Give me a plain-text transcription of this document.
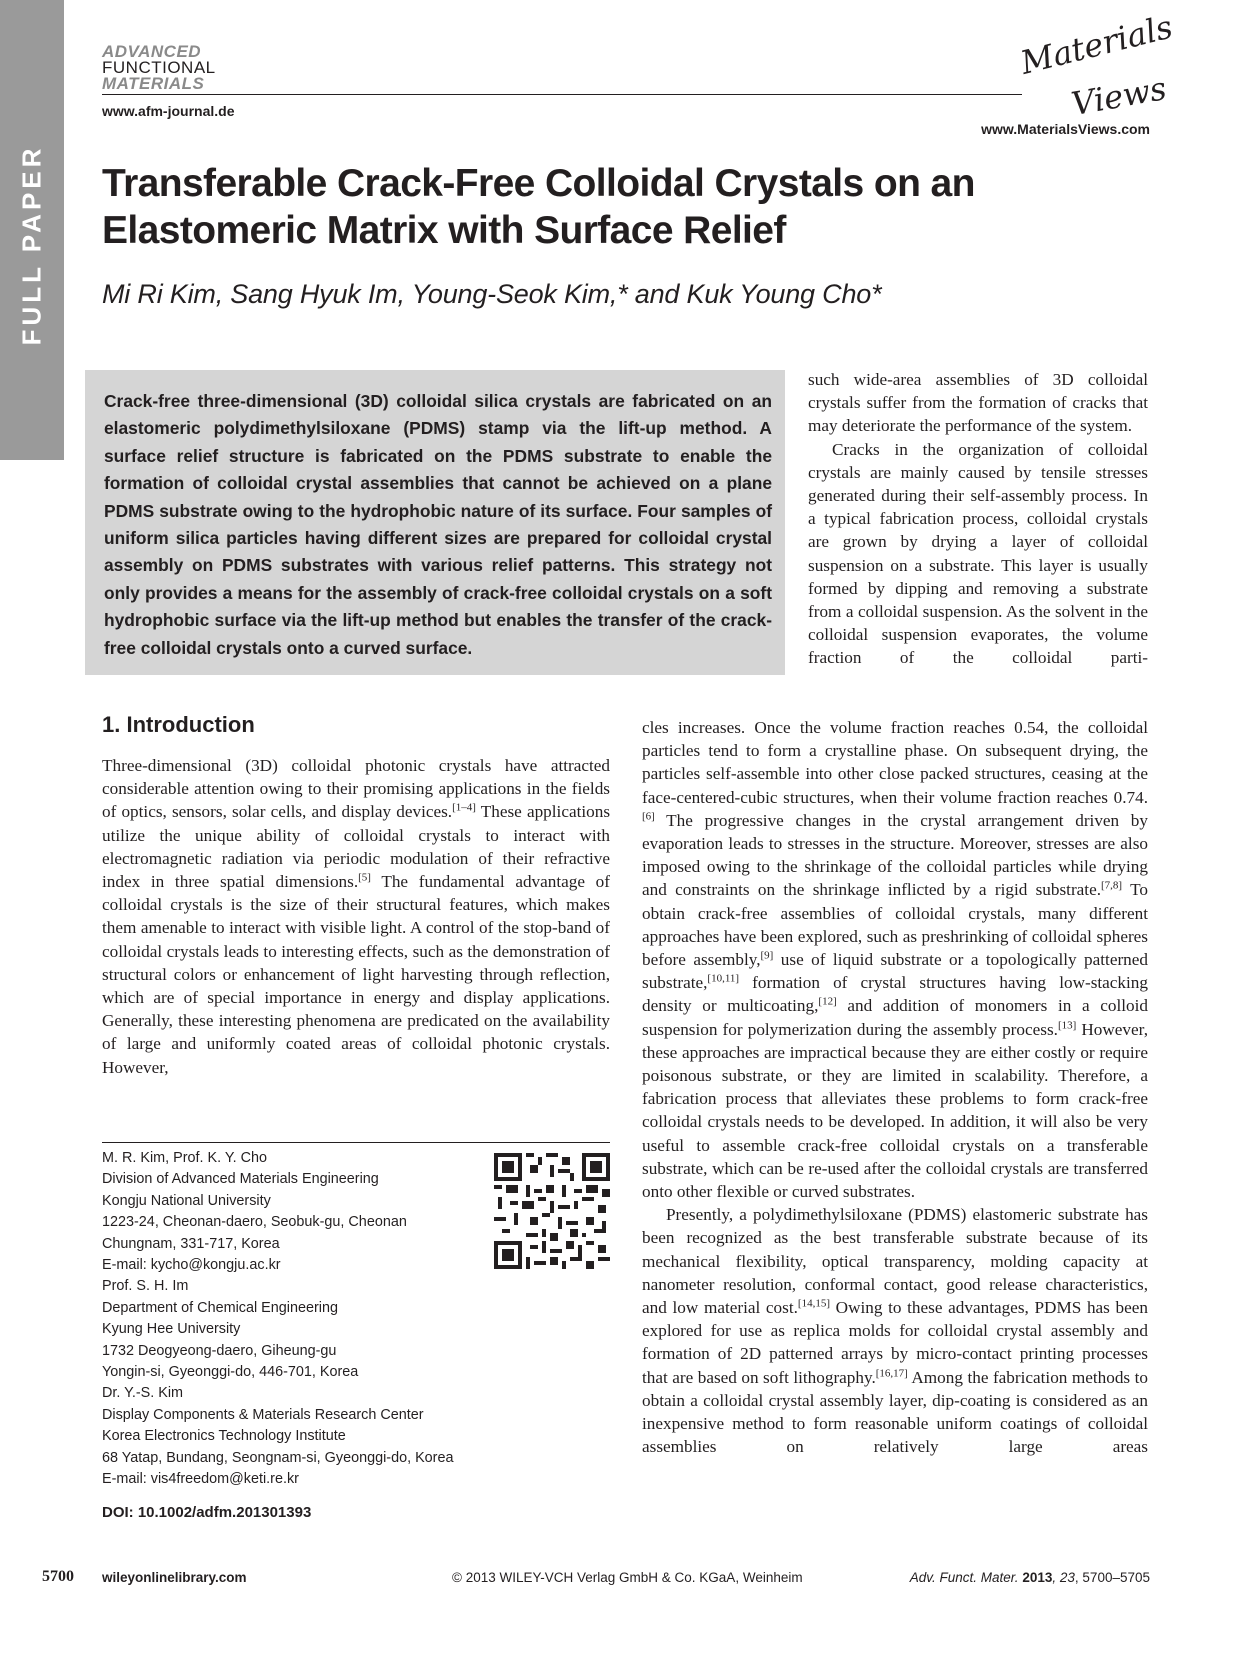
FULL PAPER
ADVANCED
FUNCTIONAL
MATERIALS
www.afm-journal.de
Materials
Views
www.MaterialsViews.com
Transferable Crack-Free Colloidal Crystals on an Elastomeric Matrix with Surface Relief
Mi Ri Kim, Sang Hyuk Im, Young-Seok Kim,* and Kuk Young Cho*
Crack-free three-dimensional (3D) colloidal silica crystals are fabricated on an elastomeric polydimethylsiloxane (PDMS) stamp via the lift-up method. A surface relief structure is fabricated on the PDMS substrate to enable the formation of colloidal crystal assemblies that cannot be achieved on a plane PDMS substrate owing to the hydrophobic nature of its surface. Four samples of uniform silica particles having different sizes are prepared for colloidal crystal assembly on PDMS substrates with various relief patterns. This strategy not only provides a means for the assembly of crack-free colloidal crystals on a soft hydrophobic surface via the lift-up method but enables the transfer of the crack-free colloidal crystals onto a curved surface.
such wide-area assemblies of 3D colloidal crystals suffer from the formation of cracks that may deteriorate the performance of the system.
Cracks in the organization of colloidal crystals are mainly caused by tensile stresses generated during their self-assembly process. In a typical fabrication process, colloidal crystals are grown by drying a layer of colloidal suspension on a substrate. This layer is usually formed by dipping and removing a substrate from a colloidal suspension. As the solvent in the colloidal suspension evaporates, the volume fraction of the colloidal parti-
1. Introduction
Three-dimensional (3D) colloidal photonic crystals have attracted considerable attention owing to their promising applications in the fields of optics, sensors, solar cells, and display devices.[1–4] These applications utilize the unique ability of colloidal crystals to interact with electromagnetic radiation via periodic modulation of their refractive index in three spatial dimensions.[5] The fundamental advantage of colloidal crystals is the size of their structural features, which makes them amenable to interact with visible light. A control of the stop-band of colloidal crystals leads to interesting effects, such as the demonstration of structural colors or enhancement of light harvesting through reflection, which are of special importance in energy and display applications. Generally, these interesting phenomena are predicated on the availability of large and uniformly coated areas of colloidal photonic crystals. However,
cles increases. Once the volume fraction reaches 0.54, the colloidal particles tend to form a crystalline phase. On subsequent drying, the particles self-assemble into other close packed structures, ceasing at the face-centered-cubic structures, when their volume fraction reaches 0.74.[6] The progressive changes in the crystal arrangement driven by evaporation leads to stresses in the structure. Moreover, stresses are also imposed owing to the shrinkage of the colloidal particles while drying and constraints on the shrinkage inflicted by a rigid substrate.[7,8] To obtain crack-free assemblies of colloidal crystals, many different approaches have been explored, such as preshrinking of colloidal spheres before assembly,[9] use of liquid substrate or a topologically patterned substrate,[10,11] formation of crystal structures having low-stacking density or multicoating,[12] and addition of monomers in a colloid suspension for polymerization during the assembly process.[13] However, these approaches are impractical because they are either costly or require poisonous substrate, or they are limited in scalability. Therefore, a fabrication process that alleviates these problems to form crack-free colloidal crystals needs to be developed. In addition, it will also be very useful to assemble crack-free colloidal crystals on a transferable substrate, which can be re-used after the colloidal crystals are transferred onto other flexible or curved substrates.
Presently, a polydimethylsiloxane (PDMS) elastomeric substrate has been recognized as the best transferable substrate because of its mechanical flexibility, optical transparency, molding capacity at nanometer resolution, conformal contact, good release characteristics, and low material cost.[14,15] Owing to these advantages, PDMS has been explored for use as replica molds for colloidal crystal assembly and formation of 2D patterned arrays by micro-contact printing processes that are based on soft lithography.[16,17] Among the fabrication methods to obtain a colloidal crystal assembly layer, dip-coating is considered as an inexpensive method to form reasonable uniform coatings of colloidal assemblies on relatively large areas
M. R. Kim, Prof. K. Y. Cho
Division of Advanced Materials Engineering
Kongju National University
1223-24, Cheonan-daero, Seobuk-gu, Cheonan
Chungnam, 331-717, Korea
E-mail: kycho@kongju.ac.kr
Prof. S. H. Im
Department of Chemical Engineering
Kyung Hee University
1732 Deogyeong-daero, Giheung-gu
Yongin-si, Gyeonggi-do, 446-701, Korea
Dr. Y.-S. Kim
Display Components & Materials Research Center
Korea Electronics Technology Institute
68 Yatap, Bundang, Seongnam-si, Gyeonggi-do, Korea
E-mail: vis4freedom@keti.re.kr
DOI: 10.1002/adfm.201301393
5700 wileyonlinelibrary.com	© 2013 WILEY-VCH Verlag GmbH & Co. KGaA, Weinheim	Adv. Funct. Mater. 2013, 23, 5700–5705
